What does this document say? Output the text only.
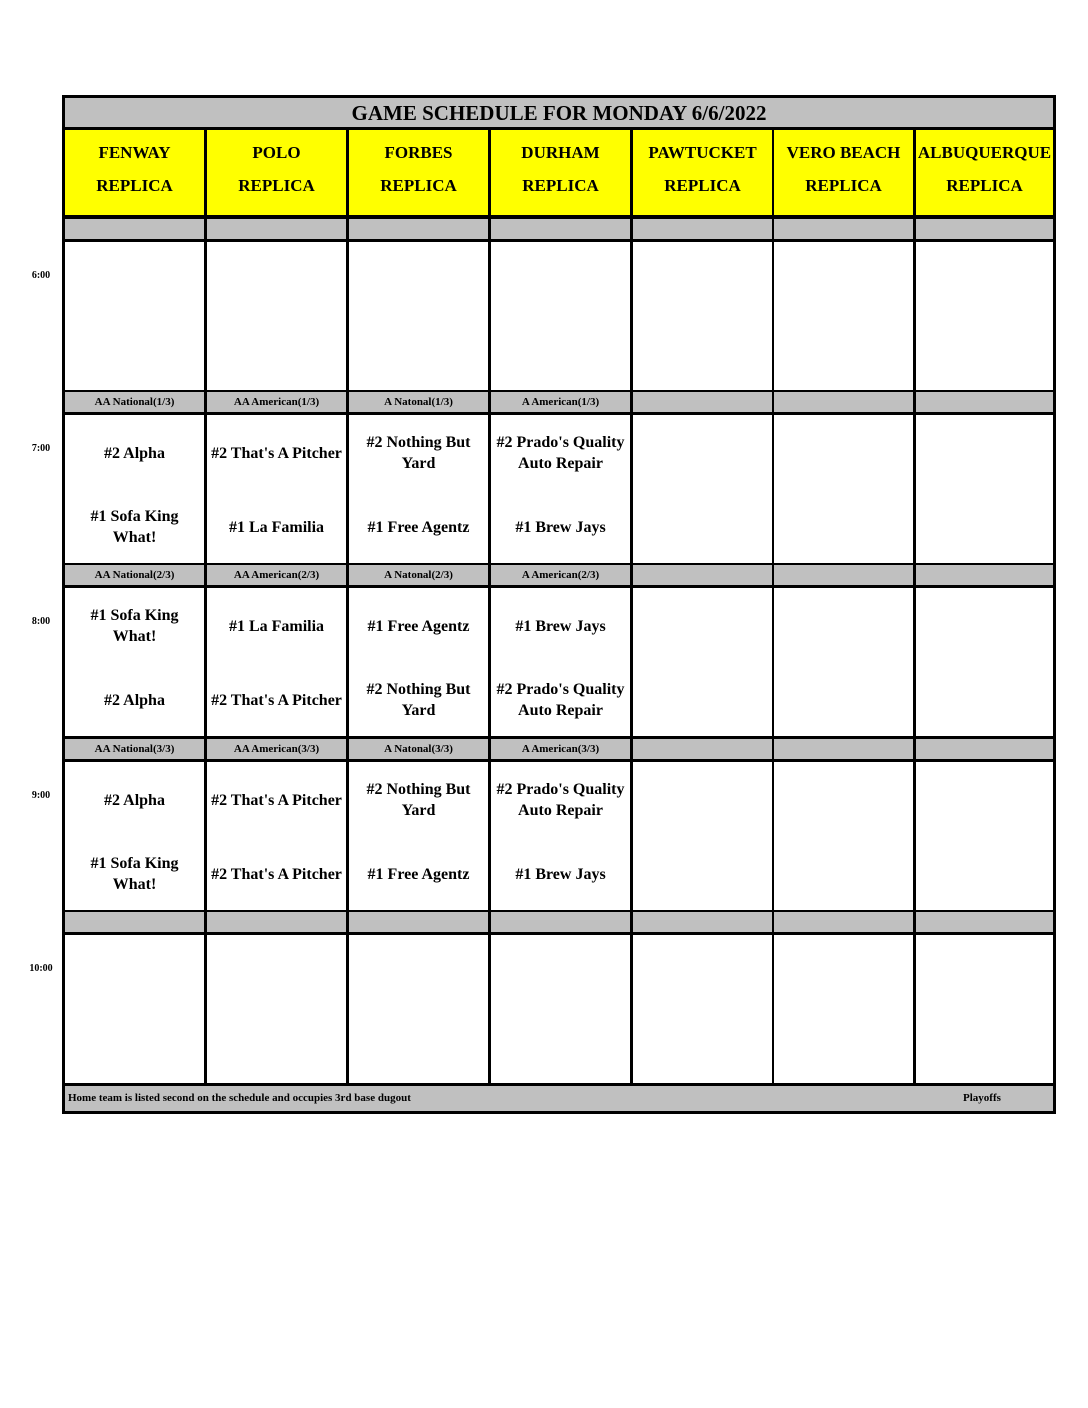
GAME SCHEDULE FOR MONDAY 6/6/2022
Home team is listed second on the schedule and occupies 3rd base dugout	Playoffs
FENWAY
REPLICA
POLO
REPLICA
FORBES
REPLICA
DURHAM
REPLICA
PAWTUCKET
REPLICA
VERO BEACH
REPLICA
ALBUQUERQUE
REPLICA
AA National(1/3)
#2 Alpha
#1 Sofa King What!
AA American(1/3)
#2 That's A Pitcher
#1 La Familia
A Natonal(1/3)
#2 Nothing But Yard
#1 Free Agentz
A American(1/3)
#2 Prado's Quality Auto Repair
#1 Brew Jays
AA National(2/3)
#1 Sofa King What!
#2 Alpha
AA American(2/3)
#1 La Familia
#2 That's A Pitcher
A Natonal(2/3)
#1 Free Agentz
#2 Nothing But Yard
A American(2/3)
#1 Brew Jays
#2 Prado's Quality Auto Repair
AA National(3/3)
#2 Alpha
#1 Sofa King What!
AA American(3/3)
#2 That's A Pitcher
#2 That's A Pitcher
A Natonal(3/3)
#2 Nothing But Yard
#1 Free Agentz
A American(3/3)
#2 Prado's Quality Auto Repair
#1 Brew Jays
6:00
7:00
8:00
9:00
10:00
